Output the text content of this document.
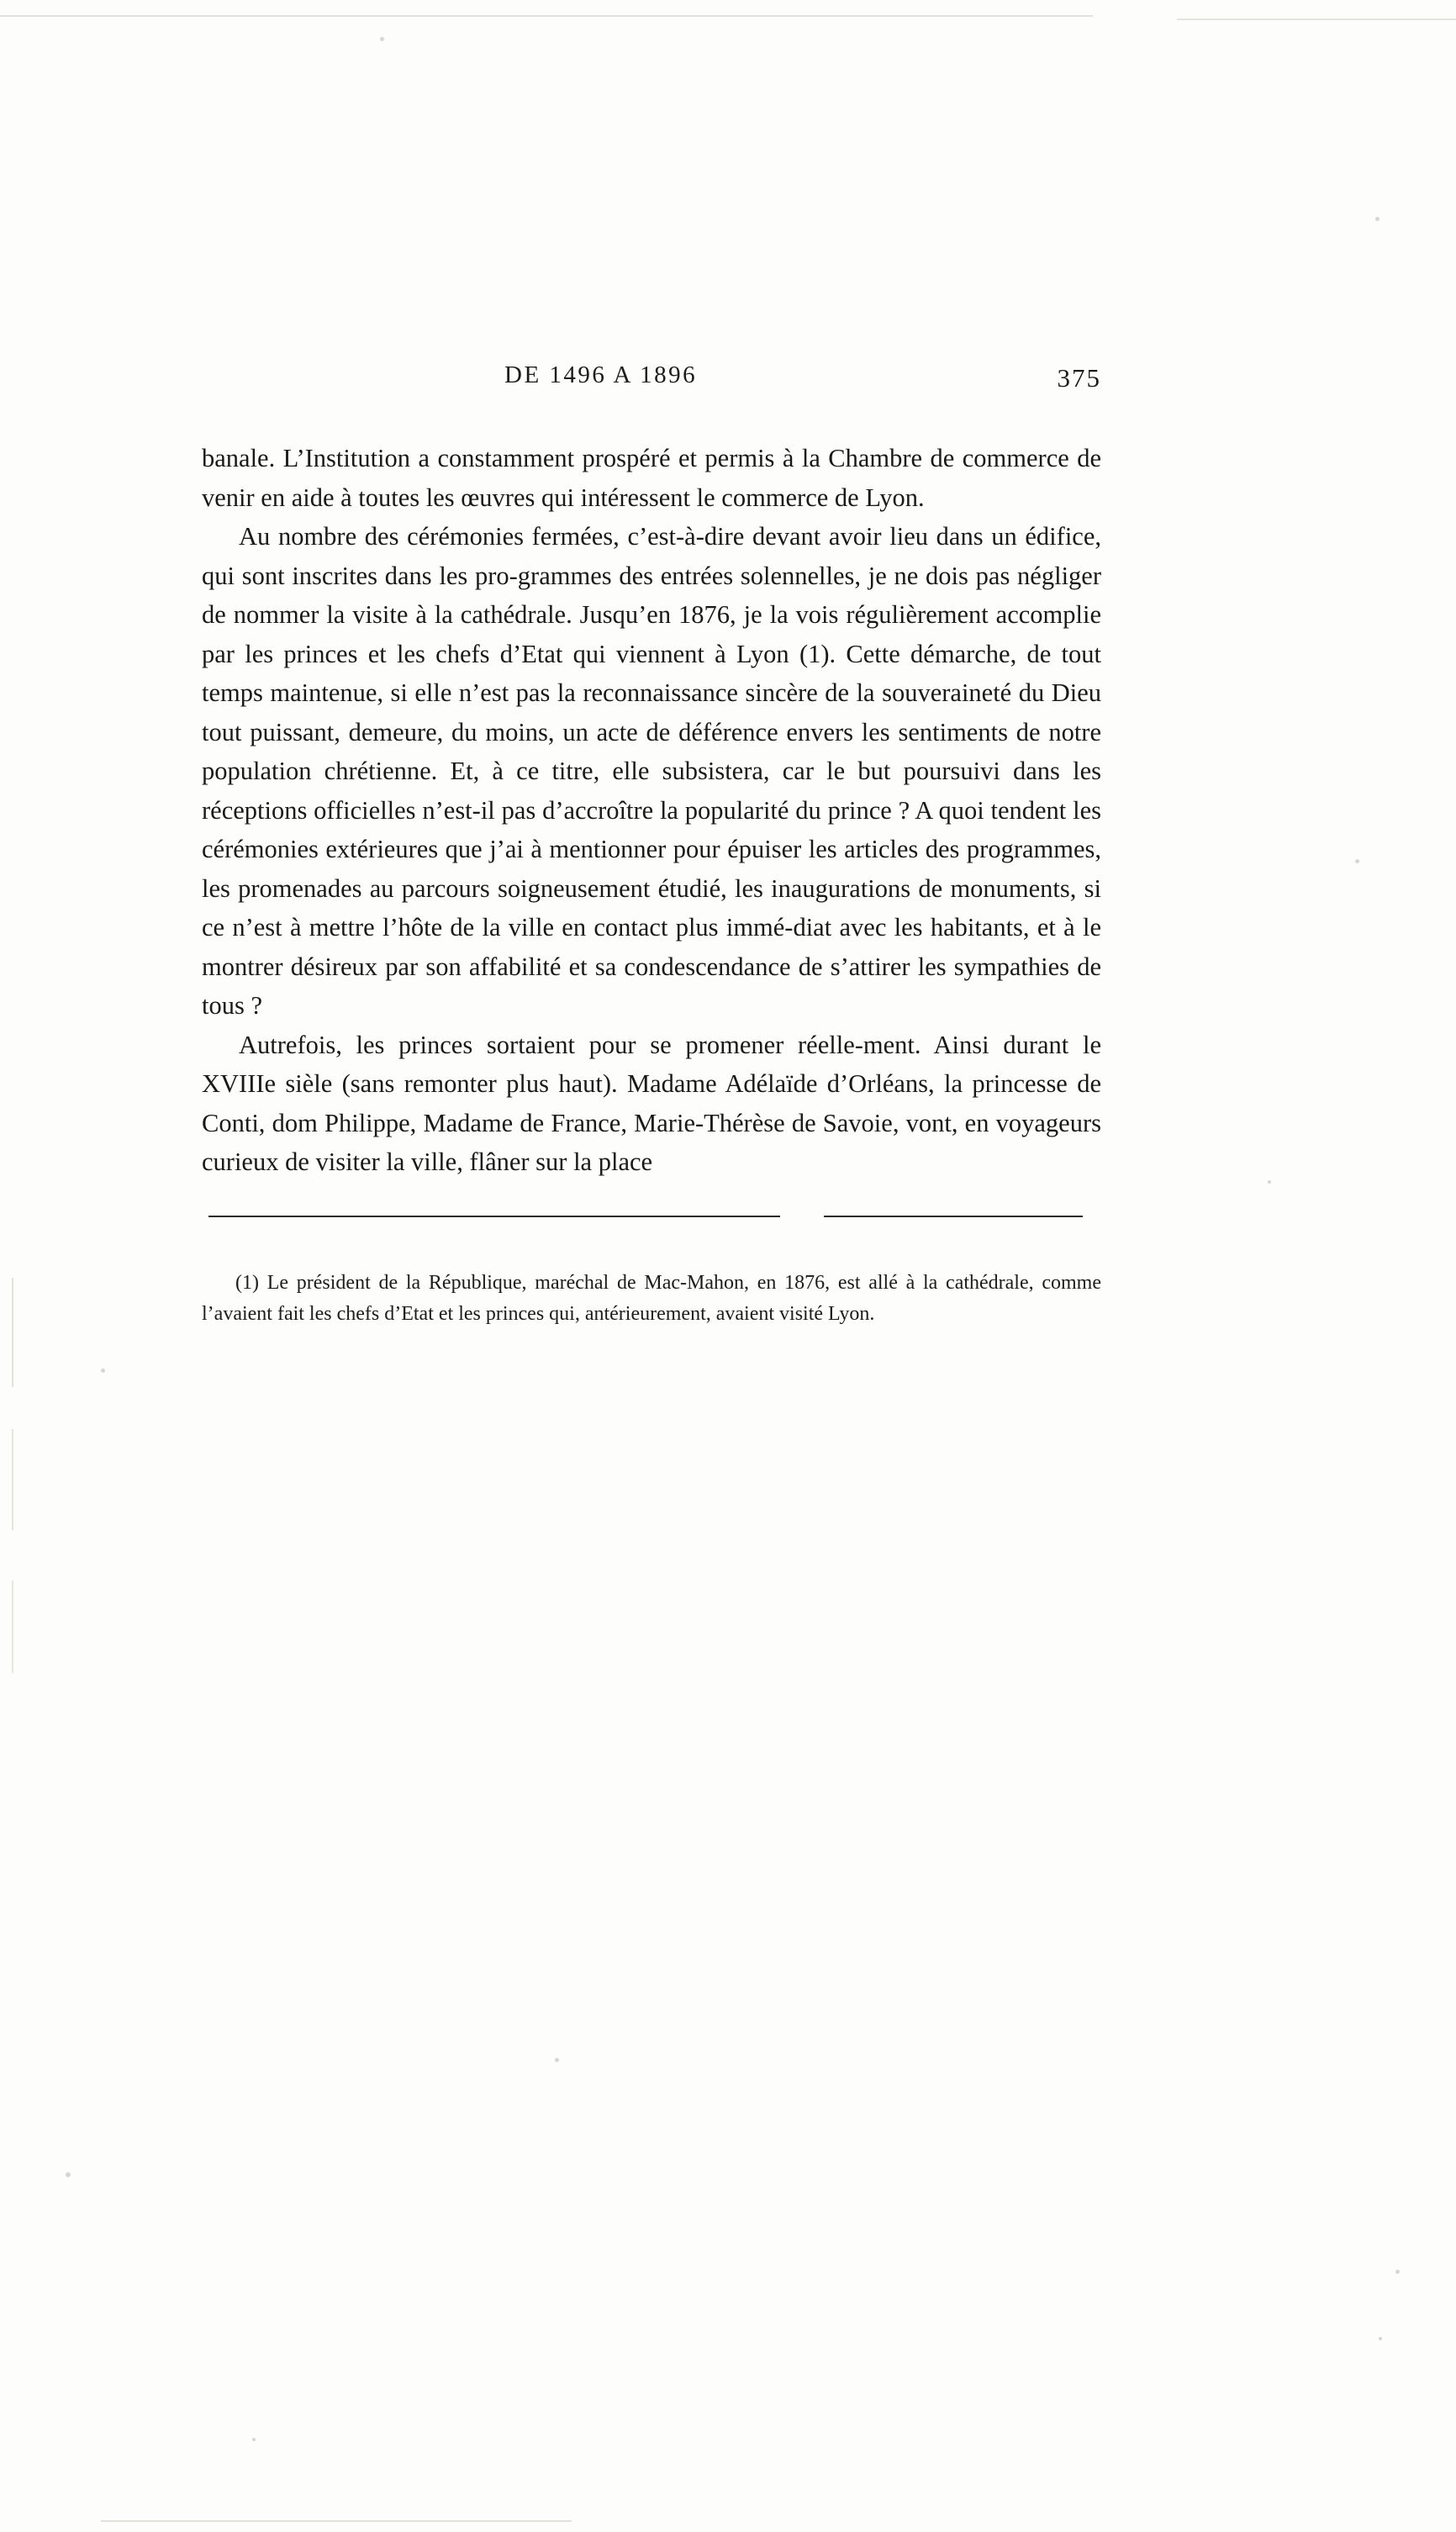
DE 1496 A 1896	375

banale. L’Institution a constamment prospéré et permis à la Chambre de commerce de venir en aide à toutes les œuvres qui intéressent le commerce de Lyon.

Au nombre des cérémonies fermées, c’est-à-dire devant avoir lieu dans un édifice, qui sont inscrites dans les pro-grammes des entrées solennelles, je ne dois pas négliger de nommer la visite à la cathédrale. Jusqu’en 1876, je la vois régulièrement accomplie par les princes et les chefs d’Etat qui viennent à Lyon (1). Cette démarche, de tout temps maintenue, si elle n’est pas la reconnaissance sincère de la souveraineté du Dieu tout puissant, demeure, du moins, un acte de déférence envers les sentiments de notre population chrétienne. Et, à ce titre, elle subsistera, car le but poursuivi dans les réceptions officielles n’est-il pas d’accroître la popularité du prince ? A quoi tendent les cérémonies extérieures que j’ai à mentionner pour épuiser les articles des programmes, les promenades au parcours soigneusement étudié, les inaugurations de monuments, si ce n’est à mettre l’hôte de la ville en contact plus immé-diat avec les habitants, et à le montrer désireux par son affabilité et sa condescendance de s’attirer les sympathies de tous ?

Autrefois, les princes sortaient pour se promener réelle-ment. Ainsi durant le XVIIIe sièle (sans remonter plus haut). Madame Adélaïde d’Orléans, la princesse de Conti, dom Philippe, Madame de France, Marie-Thérèse de Savoie, vont, en voyageurs curieux de visiter la ville, flâner sur la place

(1) Le président de la République, maréchal de Mac-Mahon, en 1876, est allé à la cathédrale, comme l’avaient fait les chefs d’Etat et les princes qui, antérieurement, avaient visité Lyon.
